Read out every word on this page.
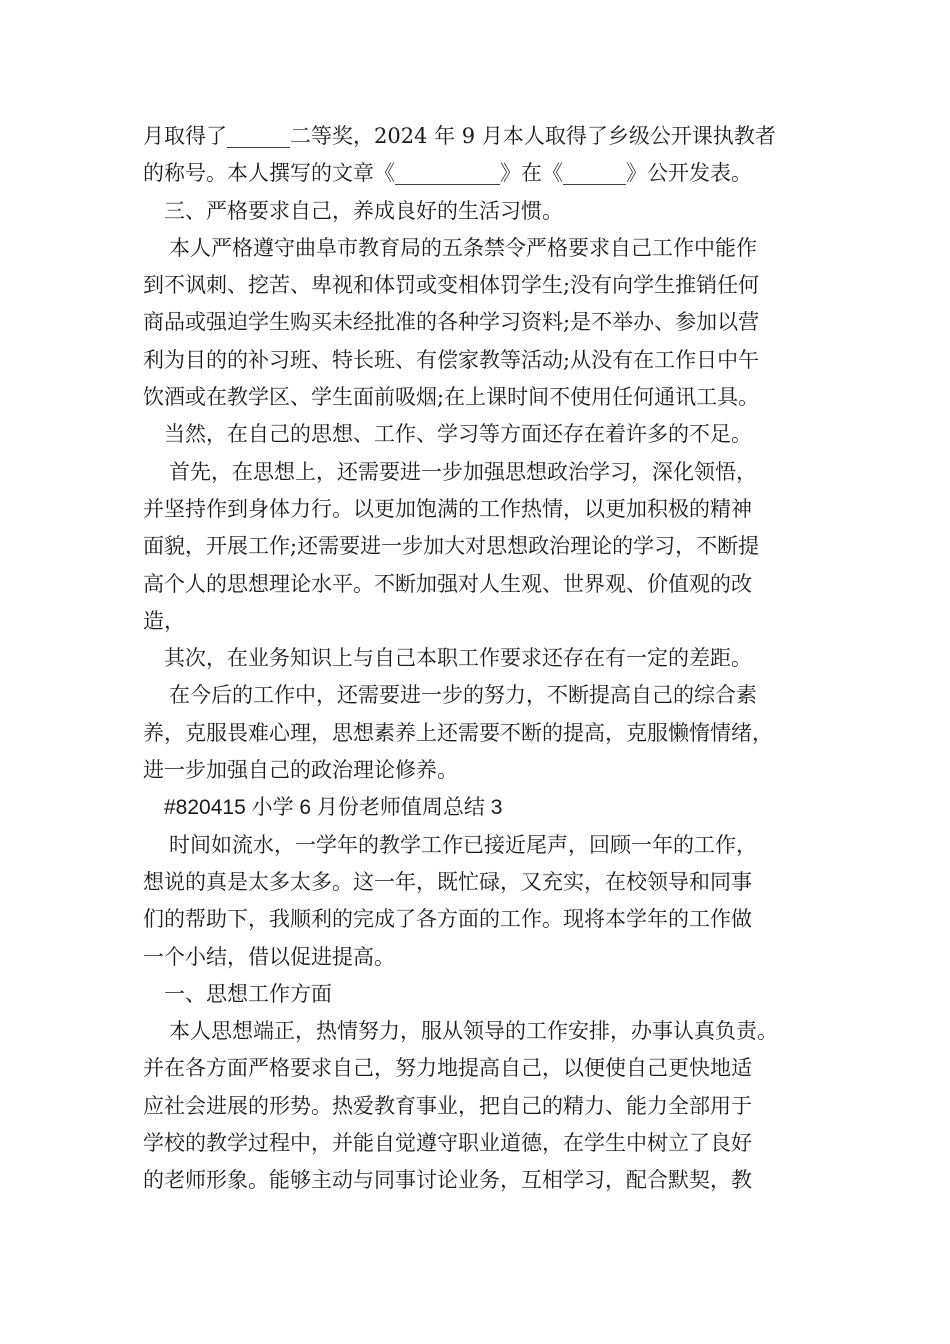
月取得了______二等奖，2024 年 9 月本人取得了乡级公开课执教者
的称号。本人撰写的文章《__________》在《______》公开发表。
三、严格要求自己，养成良好的生活习惯。
本人严格遵守曲阜市教育局的五条禁令严格要求自己工作中能作
到不讽刺、挖苦、卑视和体罚或变相体罚学生;没有向学生推销任何
商品或强迫学生购买未经批准的各种学习资料;是不举办、参加以营
利为目的的补习班、特长班、有偿家教等活动;从没有在工作日中午
饮酒或在教学区、学生面前吸烟;在上课时间不使用任何通讯工具。
当然，在自己的思想、工作、学习等方面还存在着许多的不足。
首先，在思想上，还需要进一步加强思想政治学习，深化领悟，
并坚持作到身体力行。以更加饱满的工作热情，以更加积极的精神
面貌，开展工作;还需要进一步加大对思想政治理论的学习，不断提
高个人的思想理论水平。不断加强对人生观、世界观、价值观的改
造，
其次，在业务知识上与自己本职工作要求还存在有一定的差距。
在今后的工作中，还需要进一步的努力，不断提高自己的综合素
养，克服畏难心理，思想素养上还需要不断的提高，克服懒惰情绪，
进一步加强自己的政治理论修养。
#820415 小学 6 月份老师值周总结 3
时间如流水，一学年的教学工作已接近尾声，回顾一年的工作，
想说的真是太多太多。这一年，既忙碌，又充实，在校领导和同事
们的帮助下，我顺利的完成了各方面的工作。现将本学年的工作做
一个小结，借以促进提高。
一、思想工作方面
本人思想端正，热情努力，服从领导的工作安排，办事认真负责。
并在各方面严格要求自己，努力地提高自己，以便使自己更快地适
应社会进展的形势。热爱教育事业，把自己的精力、能力全部用于
学校的教学过程中，并能自觉遵守职业道德，在学生中树立了良好
的老师形象。能够主动与同事讨论业务，互相学习，配合默契，教
